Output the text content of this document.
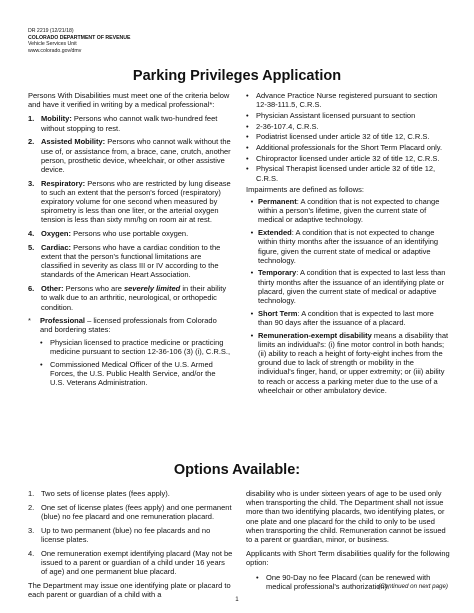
DR 2219 (12/21/18)
COLORADO DEPARTMENT OF REVENUE
Vehicle Services Unit
www.colorado.gov/dmv
Parking Privileges Application

Persons With Disabilities must meet one of the criteria below and have it verified in writing by a medical professional*:

1. Mobility: Persons who cannot walk two-hundred feet without stopping to rest.
2. Assisted Mobility: Persons who cannot walk without the use of, or assistance from, a brace, cane, crutch, another person, prosthetic device, wheelchair, or other assistive device.
3. Respiratory: Persons who are restricted by lung disease to such an extent that the person's forced (respiratory) expiratory volume for one second when measured by spirometry is less than one liter, or the arterial oxygen tension is less than sixty mm/hg on room air at rest.
4. Oxygen: Persons who use portable oxygen.
5. Cardiac: Persons who have a cardiac condition to the extent that the person's functional limitations are classified in severity as class III or IV according to the standards of the American Heart Association.
6. Other: Persons who are severely limited in their ability to walk due to an arthritic, neurological, or orthopedic condition.
*	Professional – licensed professionals from Colorado and bordering states:
• Physician licensed to practice medicine or practicing medicine pursuant to section 12-36-106 (3) (i), C.R.S.,
• Commissioned Medical Officer of the U.S. Armed Forces, the U.S. Public Health Service, and/or the U.S. Veterans Administration.
• Advance Practice Nurse registered pursuant to section 12-38-111.5, C.R.S.
• Physician Assistant licensed pursuant to section
• 2-36-107.4, C.R.S.
• Podiatrist licensed under article 32 of title 12, C.R.S.
• Additional professionals for the Short Term Placard only.
• Chiropractor licensed under article 32 of title 12, C.R.S.
• Physical Therapist licensed under article 32 of title 12, C.R.S.

Impairments are defined as follows:

• Permanent: A condition that is not expected to change within a person's lifetime, given the current state of medical or adaptive technology.
• Extended: A condition that is not expected to change within thirty months after the issuance of an identifying figure, given the current state of medical or adaptive technology.
• Temporary: A condition that is expected to last less than thirty months after the issuance of an identifying plate or placard, given the current state of medical or adaptive technology.
• Short Term: A condition that is expected to last more than 90 days after the issuance of a placard.
• Remuneration-exempt disability means a disability that limits an individual's: (i) fine motor control in both hands; (ii) ability to reach a height of forty-eight inches from the ground due to lack of strength or mobility in the individual's finger, hand, or upper extremity; or (iii) ability to reach or access a parking meter due to the use of a wheelchair or other ambulatory device.
Options Available:
1. Two sets of license plates (fees apply).
2. One set of license plates (fees apply) and one permanent (blue) no fee placard and one remuneration placard.
3. Up to two permanent (blue) no fee placards and no license plates.
4. One remuneration exempt identifying placard (May not be issued to a parent or guardian of a child under 16 years of age) and one permanent blue placard.

The Department may issue one identifying plate or placard to each parent or guardian of a child with a

disability who is under sixteen years of age to be used only when transporting the child. The Department shall not issue more than two identifying placards, two identifying plates, or one plate and one placard for the child to only to be used when transporting the child. Remuneration cannot be issued to a parent or guardian, minor, or business.

Applicants with Short Term disabilities qualify for the following option:

• One 90-Day no fee Placard (can be renewed with medical professional's authorization).
(Continued on next page)
1
